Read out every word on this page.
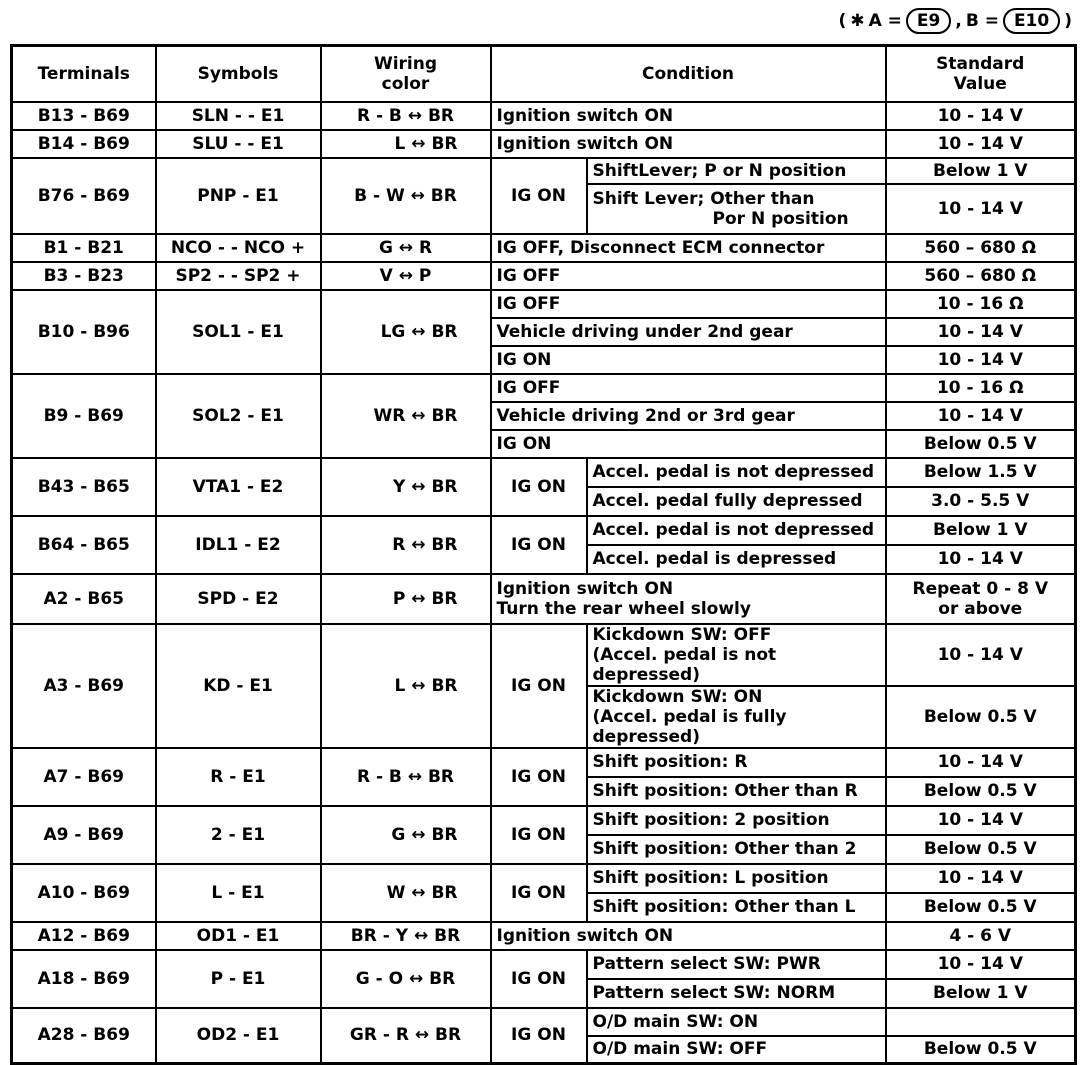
( ✱ A = E9 , B = E10 )
Terminals	Symbols	Wiring
color	Condition		Standard
Value
B13 - B69	SLN - - E1	R - B ↔ BR	Ignition switch ON		10 - 14 V
B14 - B69	SLU - - E1	L ↔ BR	Ignition switch ON		10 - 14 V
B76 - B69	PNP - E1	B - W ↔ BR	IG ON	ShiftLever; P or N position	Below 1 V
				Shift Lever; Other than
Por N position	10 - 14 V
B1 - B21	NCO - - NCO +	G ↔ R	IG OFF, Disconnect ECM connector		560 – 680 Ω
B3 - B23	SP2 - - SP2 +	V ↔ P	IG OFF		560 – 680 Ω
B10 - B96	SOL1 - E1	LG ↔ BR	IG OFF		10 - 16 Ω
			Vehicle driving under 2nd gear		10 - 14 V
			IG ON		10 - 14 V
B9 - B69	SOL2 - E1	WR ↔ BR	IG OFF		10 - 16 Ω
			Vehicle driving 2nd or 3rd gear		10 - 14 V
			IG ON		Below 0.5 V
B43 - B65	VTA1 - E2	Y ↔ BR	IG ON	Accel. pedal is not depressed	Below 1.5 V
				Accel. pedal fully depressed	3.0 - 5.5 V
B64 - B65	IDL1 - E2	R ↔ BR	IG ON	Accel. pedal is not depressed	Below 1 V
				Accel. pedal is depressed	10 - 14 V
A2 - B65	SPD - E2	P ↔ BR	Ignition switch ON
Turn the rear wheel slowly		Repeat 0 - 8 V
or above
A3 - B69	KD - E1	L ↔ BR	IG ON	Kickdown SW: OFF
(Accel. pedal is not depressed)	10 - 14 V
				Kickdown SW: ON
(Accel. pedal is fully depressed)	Below 0.5 V
A7 - B69	R - E1	R - B ↔ BR	IG ON	Shift position: R	10 - 14 V
				Shift position: Other than R	Below 0.5 V
A9 - B69	2 - E1	G ↔ BR	IG ON	Shift position: 2 position	10 - 14 V
				Shift position: Other than 2	Below 0.5 V
A10 - B69	L - E1	W ↔ BR	IG ON	Shift position: L position	10 - 14 V
				Shift position: Other than L	Below 0.5 V
A12 - B69	OD1 - E1	BR - Y ↔ BR	Ignition switch ON		4 - 6 V
A18 - B69	P - E1	G - O ↔ BR	IG ON	Pattern select SW: PWR	10 - 14 V
				Pattern select SW: NORM	Below 1 V
A28 - B69	OD2 - E1	GR - R ↔ BR	IG ON	O/D main SW: ON	
				O/D main SW: OFF	Below 0.5 V
